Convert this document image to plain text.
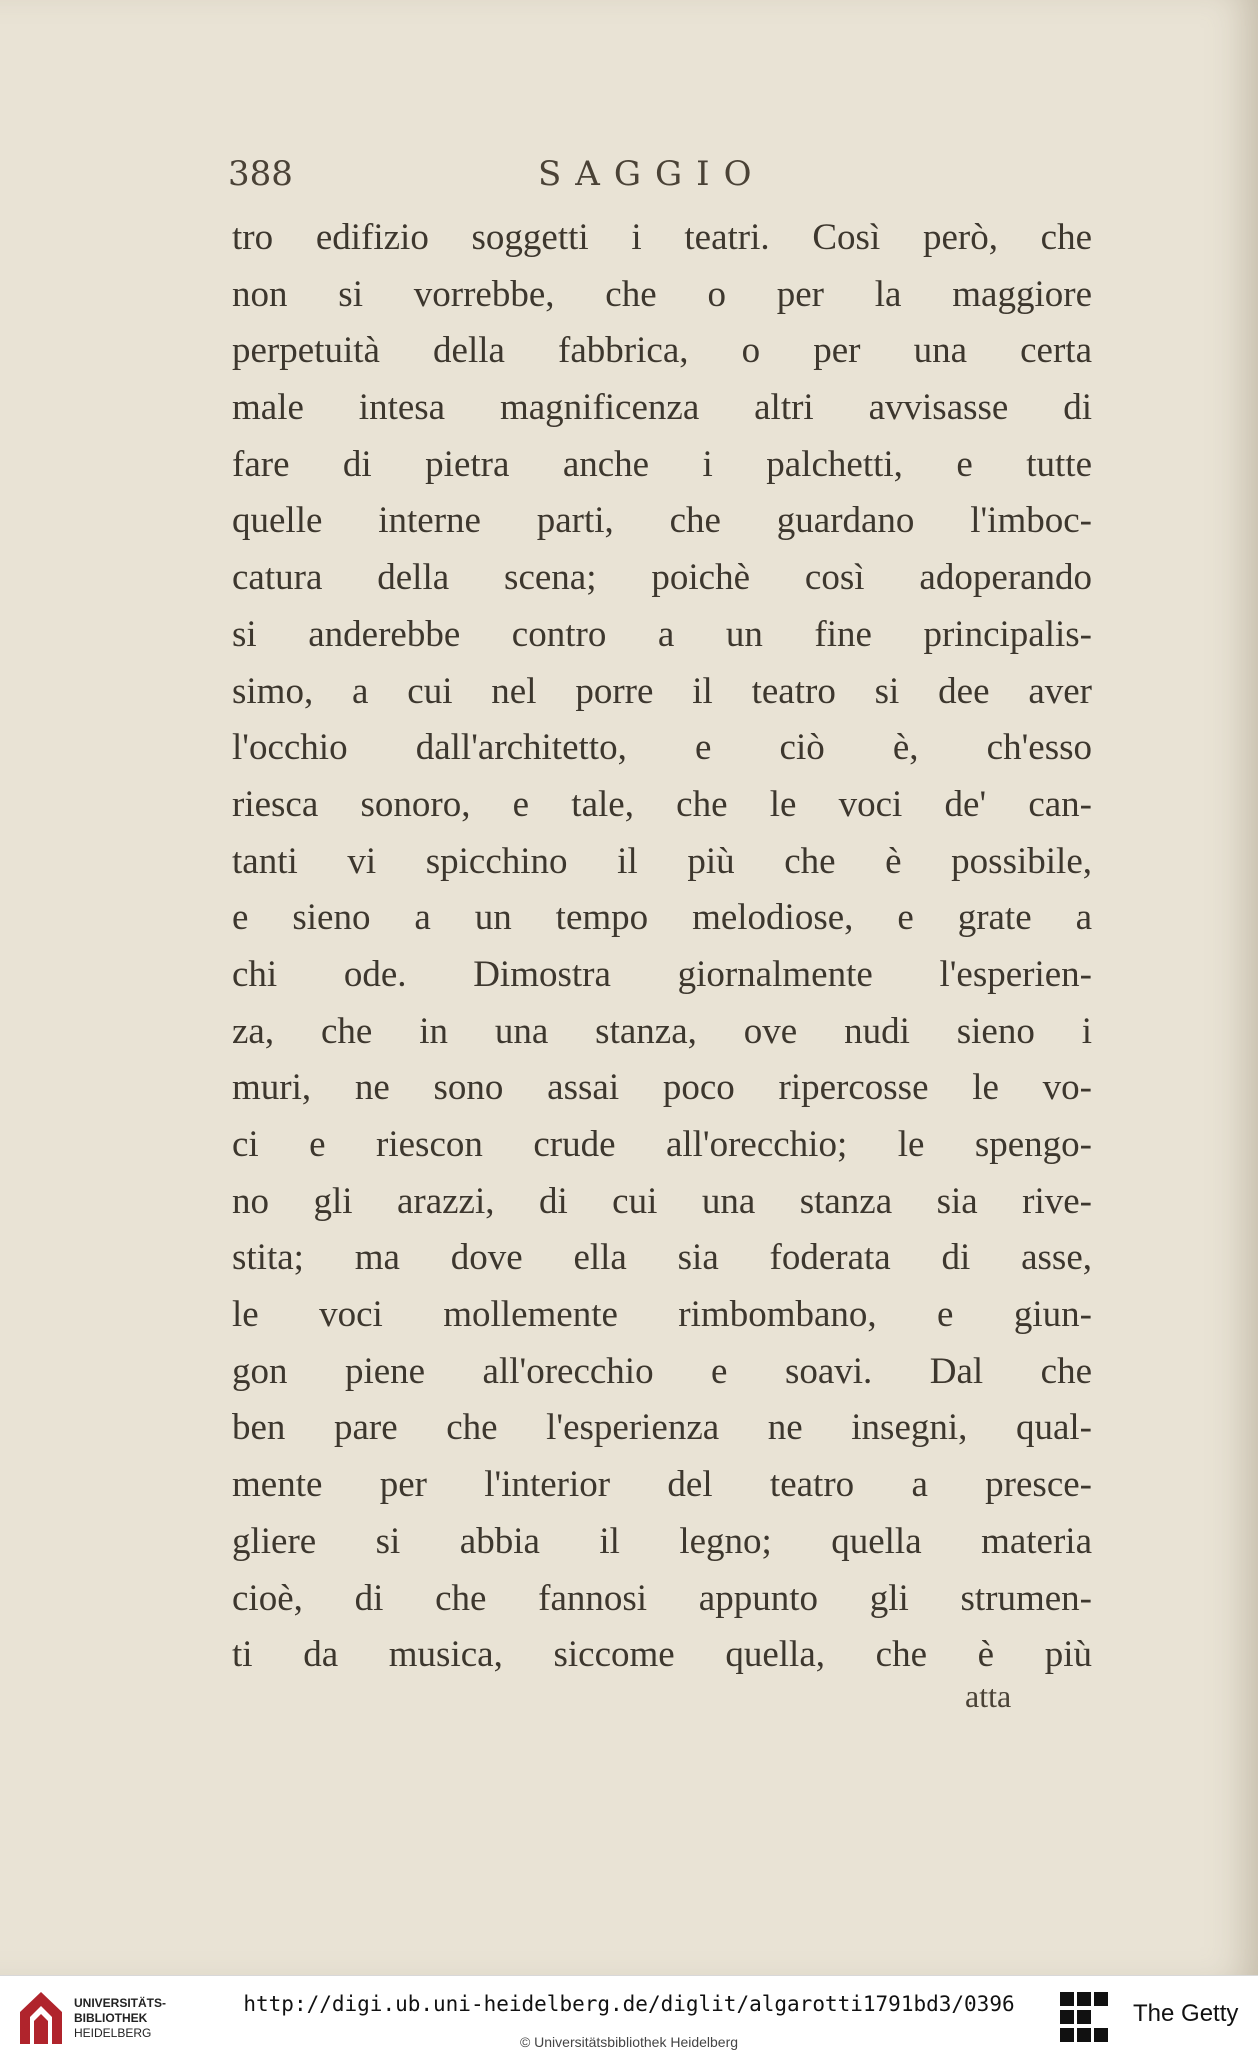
388	SAGGIO
tro edifizio soggetti i teatri. Così però, che
non si vorrebbe, che o per la maggiore
perpetuità della fabbrica, o per una certa
male intesa magnificenza altri avvisasse di
fare di pietra anche i palchetti, e tutte
quelle interne parti, che guardano l'imboc-
catura della scena; poichè così adoperando
si anderebbe contro a un fine principalis-
simo, a cui nel porre il teatro si dee aver
l'occhio dall'architetto, e ciò è, ch'esso
riesca sonoro, e tale, che le voci de' can-
tanti vi spicchino il più che è possibile,
e sieno a un tempo melodiose, e grate a
chi ode. Dimostra giornalmente l'esperien-
za, che in una stanza, ove nudi sieno i
muri, ne sono assai poco ripercosse le vo-
ci e riescon crude all'orecchio; le spengo-
no gli arazzi, di cui una stanza sia rive-
stita; ma dove ella sia foderata di asse,
le voci mollemente rimbombano, e giun-
gon piene all'orecchio e soavi. Dal che
ben pare che l'esperienza ne insegni, qual-
mente per l'interior del teatro a presce-
gliere si abbia il legno; quella materia
cioè, di che fannosi appunto gli strumen-
ti da musica, siccome quella, che è più
atta
UNIVERSITÄTS-
BIBLIOTHEK
HEIDELBERG
http://digi.ub.uni-heidelberg.de/diglit/algarotti1791bd3/0396
© Universitätsbibliothek Heidelberg
The Getty
